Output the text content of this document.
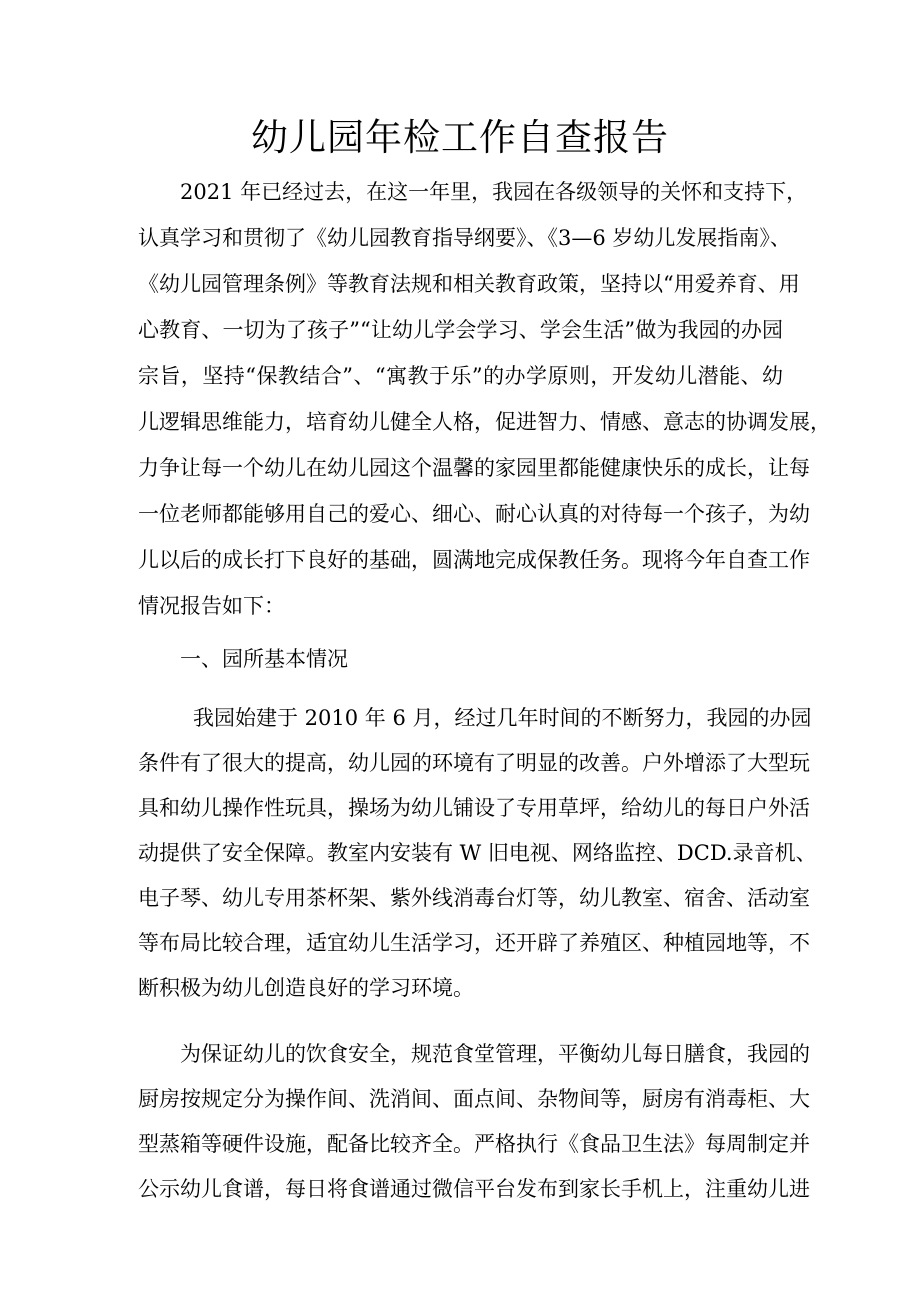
幼儿园年检工作自查报告
2021 年已经过去，在这一年里，我园在各级领导的关怀和支持下，
认真学习和贯彻了《幼儿园教育指导纲要》、《3—6 岁幼儿发展指南》、
《幼儿园管理条例》等教育法规和相关教育政策，坚持以“用爱养育、用
心教育、一切为了孩子”“让幼儿学会学习、学会生活”做为我园的办园
宗旨，坚持“保教结合”、“寓教于乐”的办学原则，开发幼儿潜能、幼
儿逻辑思维能力，培育幼儿健全人格，促进智力、情感、意志的协调发展，
力争让每一个幼儿在幼儿园这个温馨的家园里都能健康快乐的成长，让每
一位老师都能够用自己的爱心、细心、耐心认真的对待每一个孩子，为幼
儿以后的成长打下良好的基础，圆满地完成保教任务。现将今年自查工作
情况报告如下：
一、园所基本情况
我园始建于 2010 年 6 月，经过几年时间的不断努力，我园的办园
条件有了很大的提高，幼儿园的环境有了明显的改善。户外增添了大型玩
具和幼儿操作性玩具，操场为幼儿铺设了专用草坪，给幼儿的每日户外活
动提供了安全保障。教室内安装有 W 旧电视、网络监控、DCD.录音机、
电子琴、幼儿专用茶杯架、紫外线消毒台灯等，幼儿教室、宿舍、活动室
等布局比较合理，适宜幼儿生活学习，还开辟了养殖区、种植园地等，不
断积极为幼儿创造良好的学习环境。
为保证幼儿的饮食安全，规范食堂管理，平衡幼儿每日膳食，我园的
厨房按规定分为操作间、洗消间、面点间、杂物间等，厨房有消毒柜、大
型蒸箱等硬件设施，配备比较齐全。严格执行《食品卫生法》每周制定并
公示幼儿食谱，每日将食谱通过微信平台发布到家长手机上，注重幼儿进
